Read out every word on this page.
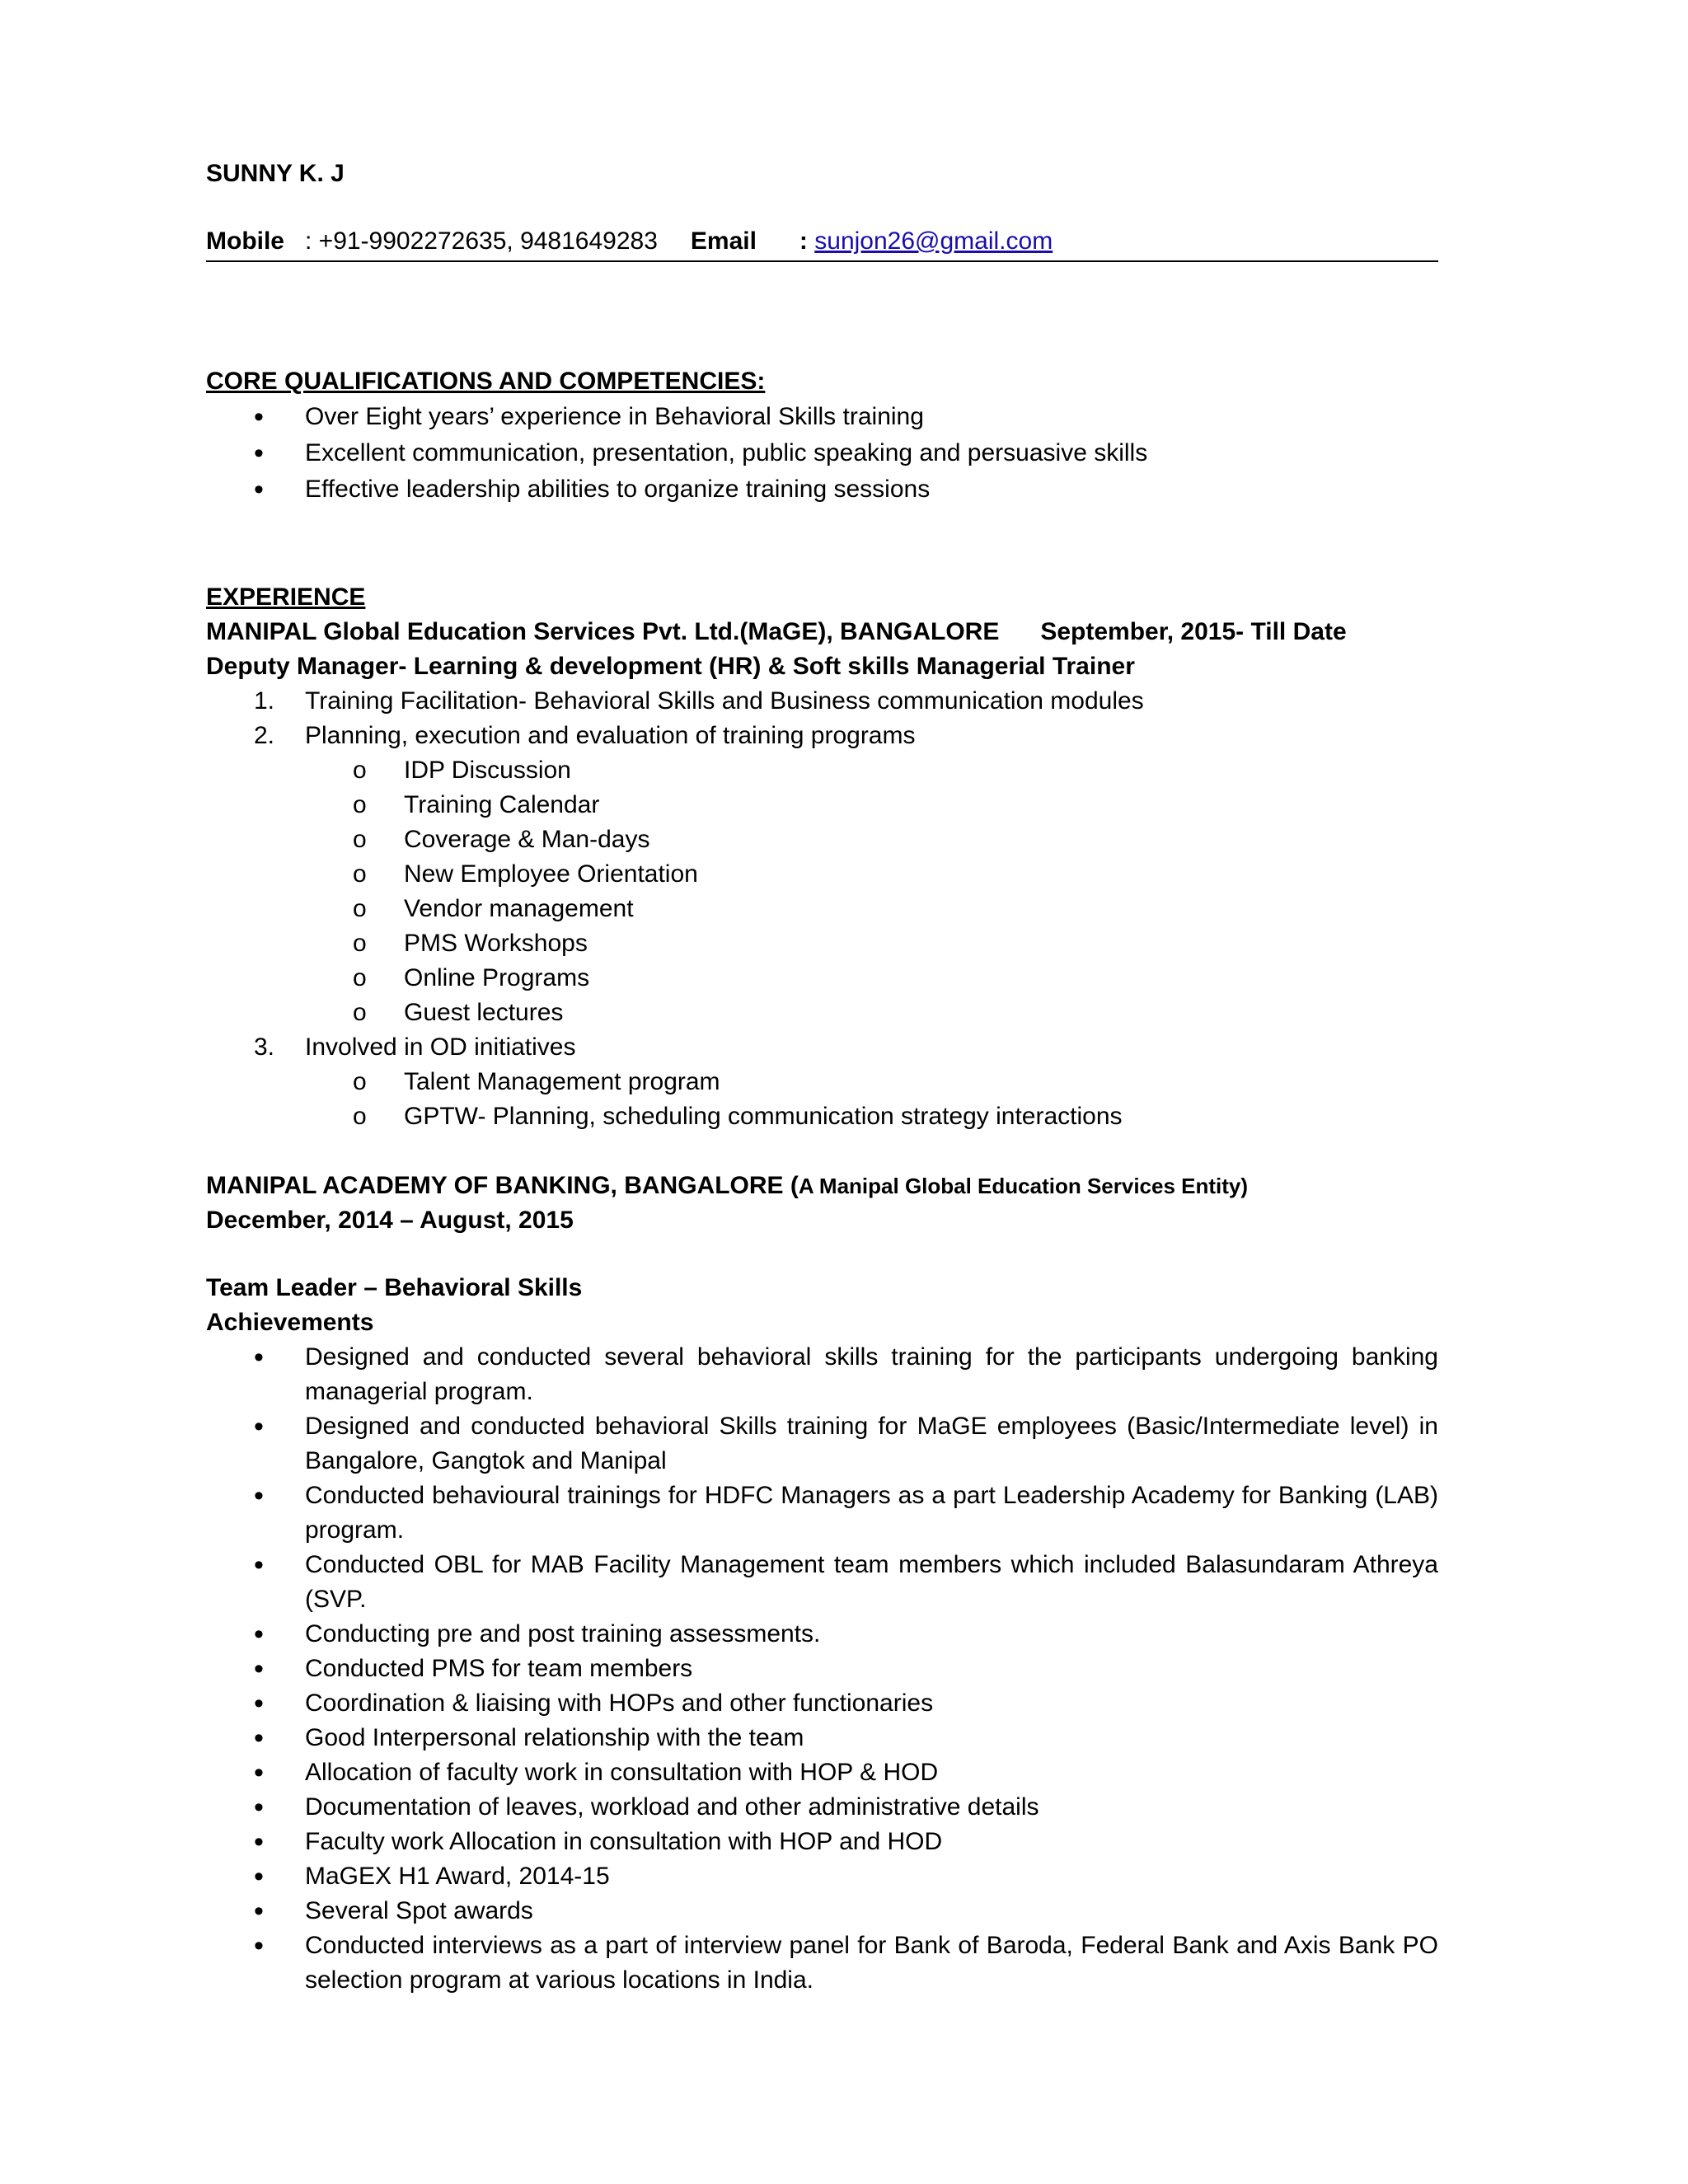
SUNNY K. J
Mobile : +91-9902272635, 9481649283 Email	:
sunjon26@gmail.com
CORE QUALIFICATIONS AND COMPETENCIES:
• Over Eight years’ experience in Behavioral Skills training
• Excellent communication, presentation, public speaking and persuasive skills
• Effective leadership abilities to organize training sessions
EXPERIENCE
MANIPAL Global Education Services Pvt. Ltd.(MaGE), BANGALORE September, 2015- Till Date
Deputy Manager- Learning & development (HR) & Soft skills Managerial Trainer
1. Training Facilitation- Behavioral Skills and Business communication modules
2. Planning, execution and evaluation of training programs
o IDP Discussion
o Training Calendar
o Coverage & Man-days
o New Employee Orientation
o Vendor management
o PMS Workshops
o Online Programs
o Guest lectures
3. Involved in OD initiatives
o Talent Management program
o GPTW- Planning, scheduling communication strategy interactions
MANIPAL ACADEMY OF BANKING, BANGALORE (A Manipal Global Education Services Entity)
December, 2014 – August, 2015
Team Leader – Behavioral Skills
Achievements
• Designed and conducted several behavioral skills training for the participants undergoing banking managerial program.
• Designed and conducted behavioral Skills training for MaGE employees (Basic/Intermediate level) in Bangalore, Gangtok and Manipal
• Conducted behavioural trainings for HDFC Managers as a part Leadership Academy for Banking (LAB) program.
• Conducted OBL for MAB Facility Management team members which included Balasundaram Athreya (SVP.
• Conducting pre and post training assessments.
• Conducted PMS for team members
• Coordination & liaising with HOPs and other functionaries
• Good Interpersonal relationship with the team
• Allocation of faculty work in consultation with HOP & HOD
• Documentation of leaves, workload and other administrative details
• Faculty work Allocation in consultation with HOP and HOD
• MaGEX H1 Award, 2014-15
• Several Spot awards
• Conducted interviews as a part of interview panel for Bank of Baroda, Federal Bank and Axis Bank PO selection program at various locations in India.
